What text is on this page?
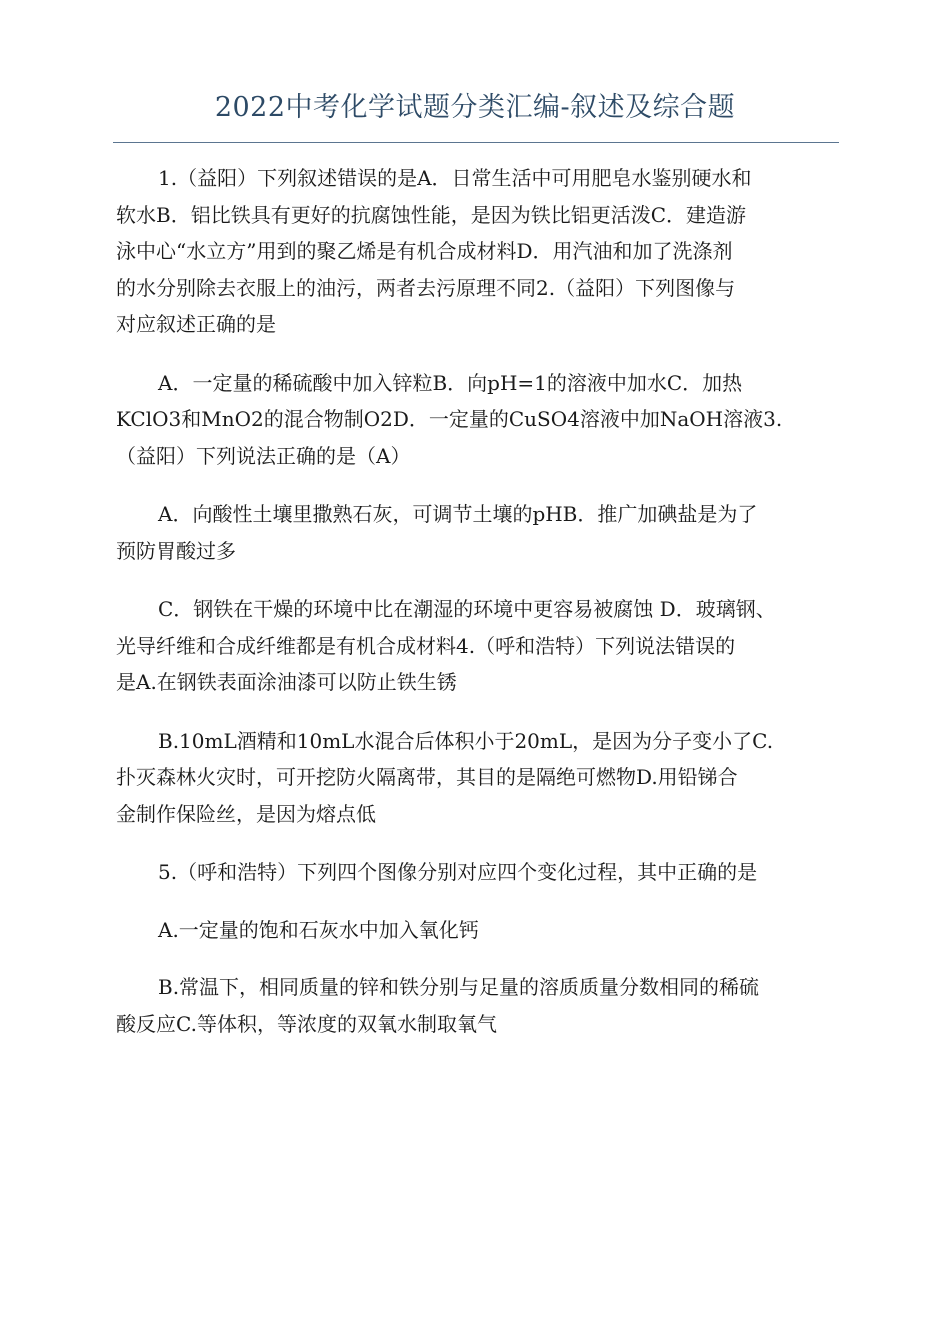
2022中考化学试题分类汇编-叙述及综合题

1.（益阳）下列叙述错误的是A．日常生活中可用肥皂水鉴别硬水和
软水B．铝比铁具有更好的抗腐蚀性能，是因为铁比铝更活泼C．建造游
泳中心“水立方”用到的聚乙烯是有机合成材料D．用汽油和加了洗涤剂
的水分别除去衣服上的油污，两者去污原理不同2.（益阳）下列图像与
对应叙述正确的是

A．一定量的稀硫酸中加入锌粒B．向pH=1的溶液中加水C．加热
KClO3和MnO2的混合物制O2D．一定量的CuSO4溶液中加NaOH溶液3.
（益阳）下列说法正确的是（A）

A．向酸性土壤里撒熟石灰，可调节土壤的pHB．推广加碘盐是为了
预防胃酸过多

C．钢铁在干燥的环境中比在潮湿的环境中更容易被腐蚀 D．玻璃钢、
光导纤维和合成纤维都是有机合成材料4.（呼和浩特）下列说法错误的
是A.在钢铁表面涂油漆可以防止铁生锈

B.10mL酒精和10mL水混合后体积小于20mL，是因为分子变小了C.
扑灭森林火灾时，可开挖防火隔离带，其目的是隔绝可燃物D.用铅锑合
金制作保险丝，是因为熔点低

5.（呼和浩特）下列四个图像分别对应四个变化过程，其中正确的是

A.一定量的饱和石灰水中加入氧化钙

B.常温下，相同质量的锌和铁分别与足量的溶质质量分数相同的稀硫
酸反应C.等体积，等浓度的双氧水制取氧气
